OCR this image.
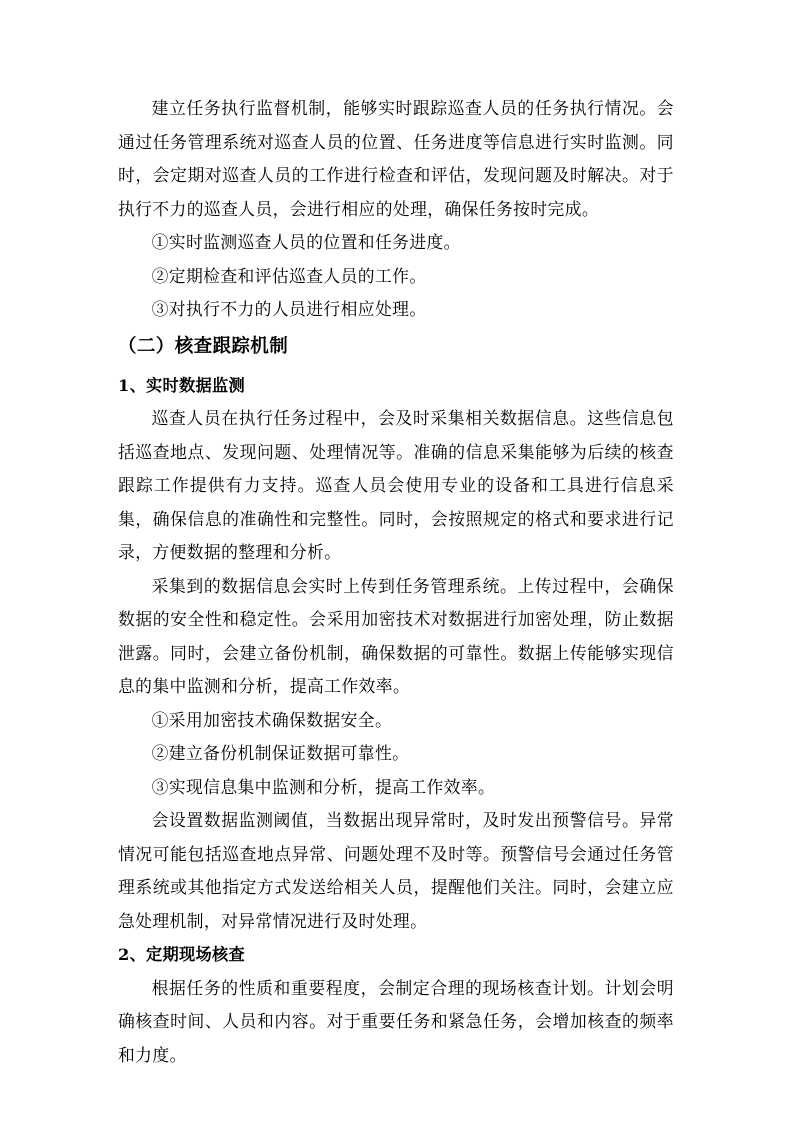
建立任务执行监督机制，能够实时跟踪巡查人员的任务执行情况。会通过任务管理系统对巡查人员的位置、任务进度等信息进行实时监测。同时，会定期对巡查人员的工作进行检查和评估，发现问题及时解决。对于执行不力的巡查人员，会进行相应的处理，确保任务按时完成。

①实时监测巡查人员的位置和任务进度。

②定期检查和评估巡查人员的工作。

③对执行不力的人员进行相应处理。

（二）核查跟踪机制
1、实时数据监测

巡查人员在执行任务过程中，会及时采集相关数据信息。这些信息包括巡查地点、发现问题、处理情况等。准确的信息采集能够为后续的核查跟踪工作提供有力支持。巡查人员会使用专业的设备和工具进行信息采集，确保信息的准确性和完整性。同时，会按照规定的格式和要求进行记录，方便数据的整理和分析。

采集到的数据信息会实时上传到任务管理系统。上传过程中，会确保数据的安全性和稳定性。会采用加密技术对数据进行加密处理，防止数据泄露。同时，会建立备份机制，确保数据的可靠性。数据上传能够实现信息的集中监测和分析，提高工作效率。

①采用加密技术确保数据安全。

②建立备份机制保证数据可靠性。

③实现信息集中监测和分析，提高工作效率。

会设置数据监测阈值，当数据出现异常时，及时发出预警信号。异常情况可能包括巡查地点异常、问题处理不及时等。预警信号会通过任务管理系统或其他指定方式发送给相关人员，提醒他们关注。同时，会建立应急处理机制，对异常情况进行及时处理。

2、定期现场核查

根据任务的性质和重要程度，会制定合理的现场核查计划。计划会明确核查时间、人员和内容。对于重要任务和紧急任务，会增加核查的频率和力度。
